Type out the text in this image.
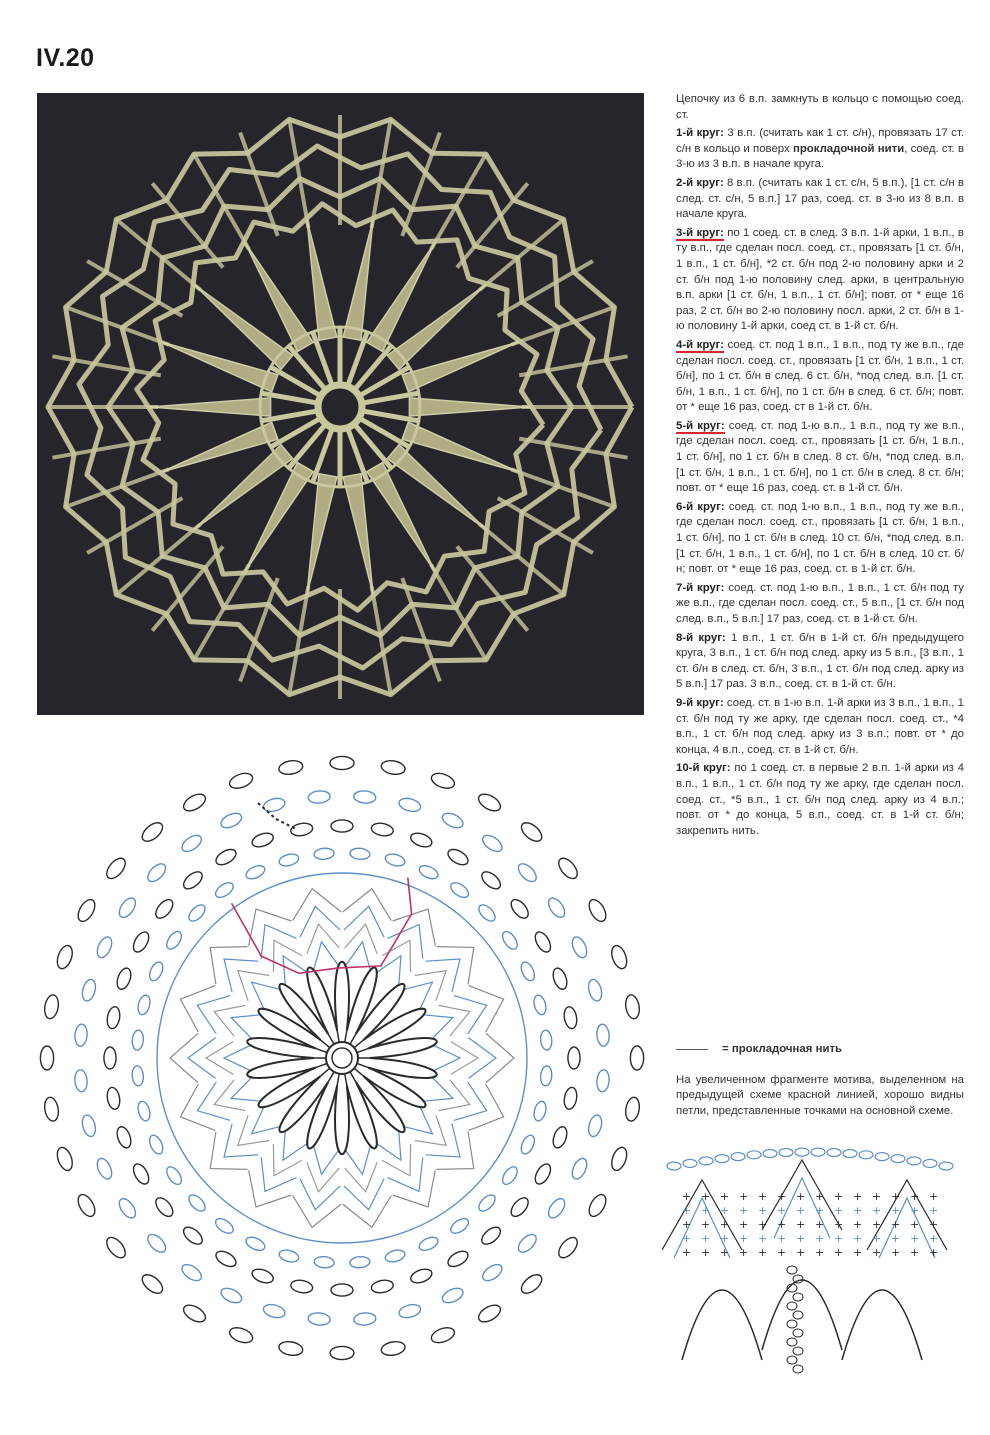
IV.20
+ + + + + + + + + + + + + +
+ + + + + + + + + + + + + +
+ + + + + + + + + + + + + +
+ + + + + + + + + + + + + +
+ + + + + + + + + + + + + +

Цепочку из 6 в.п. замкнуть в кольцо с помощью соед. ст.

1-й круг: 3 в.п. (считать как 1 ст. с/н), провязать 17 ст. с/н в кольцо и поверх прокладочной нити, соед. ст. в 3-ю из 3 в.п. в начале круга.

2-й круг: 8 в.п. (считать как 1 ст. с/н, 5 в.п.), [1 ст. с/н в след. ст. с/н, 5 в.п.] 17 раз, соед. ст. в 3-ю из 8 в.п. в начале круга.

3-й круг: по 1 соед. ст. в след. 3 в.п. 1-й арки, 1 в.п., в ту в.п., где сделан посл. соед. ст., провязать [1 ст. б/н, 1 в.п., 1 ст. б/н], *2 ст. б/н под 2-ю половину арки и 2 ст. б/н под 1-ю половину след. арки, в центральную в.п. арки [1 ст. б/н, 1 в.п., 1 ст. б/н]; повт. от * еще 16 раз, 2 ст. б/н во 2-ю половину посл. арки, 2 ст. б/н в 1-ю половину 1-й арки, соед ст. в 1-й ст. б/н.

4-й круг: соед. ст. под 1 в.п., 1 в.п., под ту же в.п., где сделан посл. соед. ст., провязать [1 ст. б/н, 1 в.п., 1 ст. б/н], по 1 ст. б/н в след. 6 ст. б/н, *под след. в.п. [1 ст. б/н, 1 в.п., 1 ст. б/н], по 1 ст. б/н в след. 6 ст. б/н; повт. от * еще 16 раз, соед. ст в 1-й ст. б/н.

5-й круг: соед. ст. под 1-ю в.п., 1 в.п., под ту же в.п., где сделан посл. соед. ст., провязать [1 ст. б/н, 1 в.п., 1 ст. б/н], по 1 ст. б/н в след. 8 ст. б/н, *под след. в.п. [1 ст. б/н, 1 в.п., 1 ст. б/н], по 1 ст. б/н в след. 8 ст. б/н; повт. от * еще 16 раз, соед. ст. в 1-й ст. б/н.

6-й круг: соед. ст. под 1-ю в.п., 1 в.п., под ту же в.п., где сделан посл. соед. ст., провязать [1 ст. б/н, 1 в.п., 1 ст. б/н], по 1 ст. б/н в след. 10 ст. б/н, *под след. в.п. [1 ст. б/н, 1 в.п., 1 ст. б/н], по 1 ст. б/н в след. 10 ст. б/н; повт. от * еще 16 раз, соед. ст. в 1-й ст. б/н.

7-й круг: соед. ст. под 1-ю в.п., 1 в.п., 1 ст. б/н под ту же в.п., где сделан посл. соед. ст., 5 в.п., [1 ст. б/н под след. в.п., 5 в.п.] 17 раз, соед. ст. в 1-й ст. б/н.

8-й круг: 1 в.п., 1 ст. б/н в 1-й ст. б/н предыдущего круга, 3 в.п., 1 ст. б/н под след. арку из 5 в.п., [3 в.п., 1 ст. б/н в след. ст. б/н, 3 в.п., 1 ст. б/н под след. арку из 5 в.п.] 17 раз. 3 в.п., соед. ст. в 1-й ст. б/н.

9-й круг: соед. ст. в 1-ю в.п. 1-й арки из 3 в.п., 1 в.п., 1 ст. б/н под ту же арку, где сделан посл. соед. ст., *4 в.п., 1 ст. б/н под след. арку из 3 в.п.; повт. от * до конца, 4 в.п., соед. ст. в 1-й ст. б/н.

10-й круг: по 1 соед. ст. в первые 2 в.п. 1-й арки из 4 в.п., 1 в.п., 1 ст. б/н под ту же арку, где сделан посл. соед. ст., *5 в.п., 1 ст. б/н под след. арку из 4 в.п.; повт. от * до конца, 5 в.п., соед. ст. в 1-й ст. б/н; закрепить нить.

= прокладочная нить
На увеличенном фрагменте мотива, выделенном на предыдущей схеме красной линией, хорошо видны петли, представленные точками на основной схеме.
